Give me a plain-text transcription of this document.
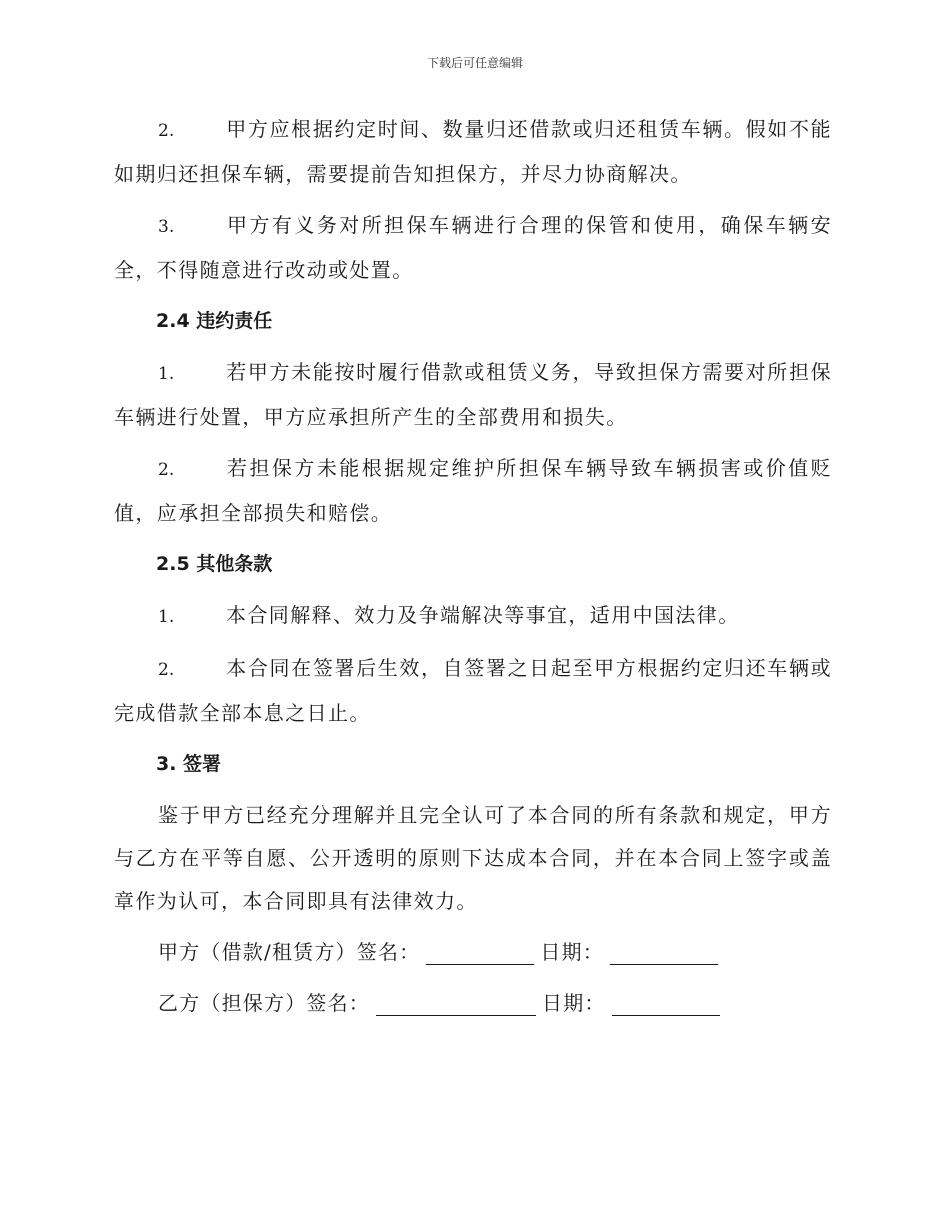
下载后可任意编辑

2.	甲方应根据约定时间、数量归还借款或归还租赁车辆。假如不能如期归还担保车辆，需要提前告知担保方，并尽力协商解决。

3.	甲方有义务对所担保车辆进行合理的保管和使用，确保车辆安全，不得随意进行改动或处置。

2.4 违约责任

1.	若甲方未能按时履行借款或租赁义务，导致担保方需要对所担保车辆进行处置，甲方应承担所产生的全部费用和损失。

2.	若担保方未能根据规定维护所担保车辆导致车辆损害或价值贬值，应承担全部损失和赔偿。

2.5 其他条款

1.	本合同解释、效力及争端解决等事宜，适用中国法律。

2.	本合同在签署后生效，自签署之日起至甲方根据约定归还车辆或完成借款全部本息之日止。

3. 签署

鉴于甲方已经充分理解并且完全认可了本合同的所有条款和规定，甲方与乙方在平等自愿、公开透明的原则下达成本合同，并在本合同上签字或盖章作为认可，本合同即具有法律效力。

甲方（借款/租赁方）签名：	日期：
乙方（担保方）签名：	日期：
